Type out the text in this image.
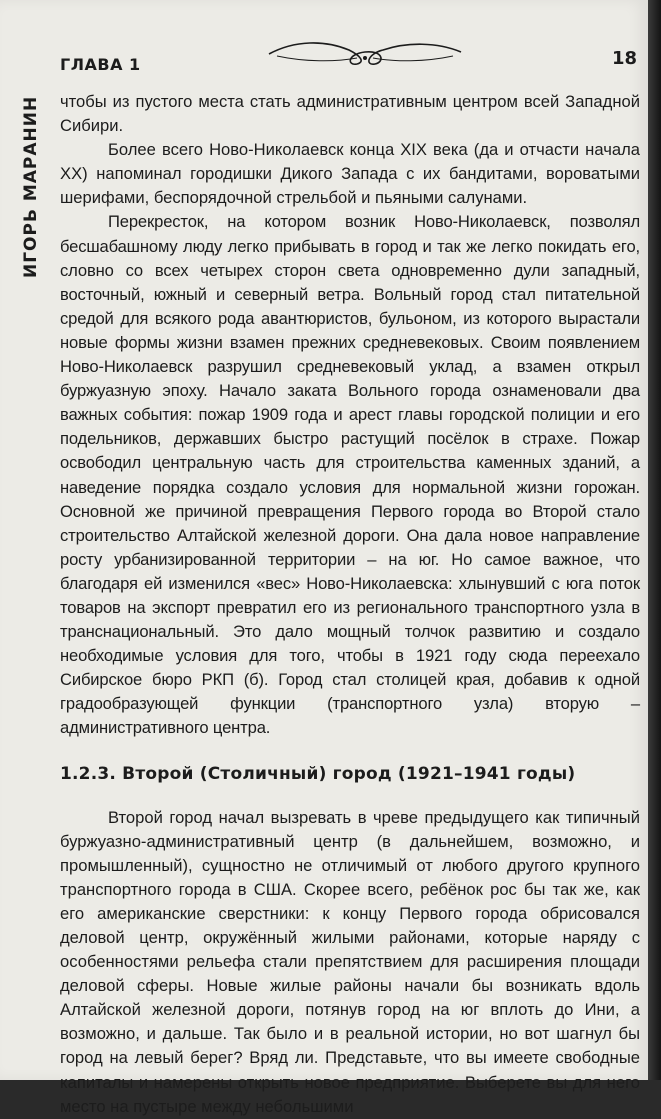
ГЛАВА 1	18
ИГОРЬ МАРАНИН чтобы из пустого места стать административным центром всей Западной Сибири.

Более всего Ново-Николаевск конца XIX века (да и отчасти начала XX) напоминал городишки Дикого Запада с их бандитами, вороватыми шерифами, беспорядочной стрельбой и пьяными салунами.

Перекресток, на котором возник Ново-Николаевск, позволял бесшабашному люду легко прибывать в город и так же легко покидать его, словно со всех четырех сторон света одновременно дули западный, восточный, южный и северный ветра. Вольный город стал питательной средой для всякого рода авантюристов, бульоном, из которого вырастали новые формы жизни взамен прежних средневековых. Своим появлением Ново-Николаевск разрушил средневековый уклад, а взамен открыл буржуазную эпоху. Начало заката Вольного города ознаменовали два важных события: пожар 1909 года и арест главы городской полиции и его подельников, державших быстро растущий посёлок в страхе. Пожар освободил центральную часть для строительства каменных зданий, а наведение порядка создало условия для нормальной жизни горожан. Основной же причиной превращения Первого города во Второй стало строительство Алтайской железной дороги. Она дала новое направление росту урбанизированной территории – на юг. Но самое важное, что благодаря ей изменился «вес» Ново-Николаевска: хлынувший с юга поток товаров на экспорт превратил его из регионального транспортного узла в транснациональный. Это дало мощный толчок развитию и создало необходимые условия для того, чтобы в 1921 году сюда переехало Сибирское бюро РКП (б). Город стал столицей края, добавив к одной градообразующей функции (транспортного узла) вторую – административного центра.

1.2.3. Второй (Столичный) город (1921–1941 годы)

Второй город начал вызревать в чреве предыдущего как типичный буржуазно-административный центр (в дальнейшем, возможно, и промышленный), сущностно не отличимый от любого другого крупного транспортного города в США. Скорее всего, ребёнок рос бы так же, как его американские сверстники: к концу Первого города обрисовался деловой центр, окружённый жилыми районами, которые наряду с особенностями рельефа стали препятствием для расширения площади деловой сферы. Новые жилые районы начали бы возникать вдоль Алтайской железной дороги, потянув город на юг вплоть до Ини, а возможно, и дальше. Так было и в реальной истории, но вот шагнул бы город на левый берег? Вряд ли. Представьте, что вы имеете свободные капиталы и намерены открыть новое предприятие. Выберете вы для него место на пустыре между небольшими
